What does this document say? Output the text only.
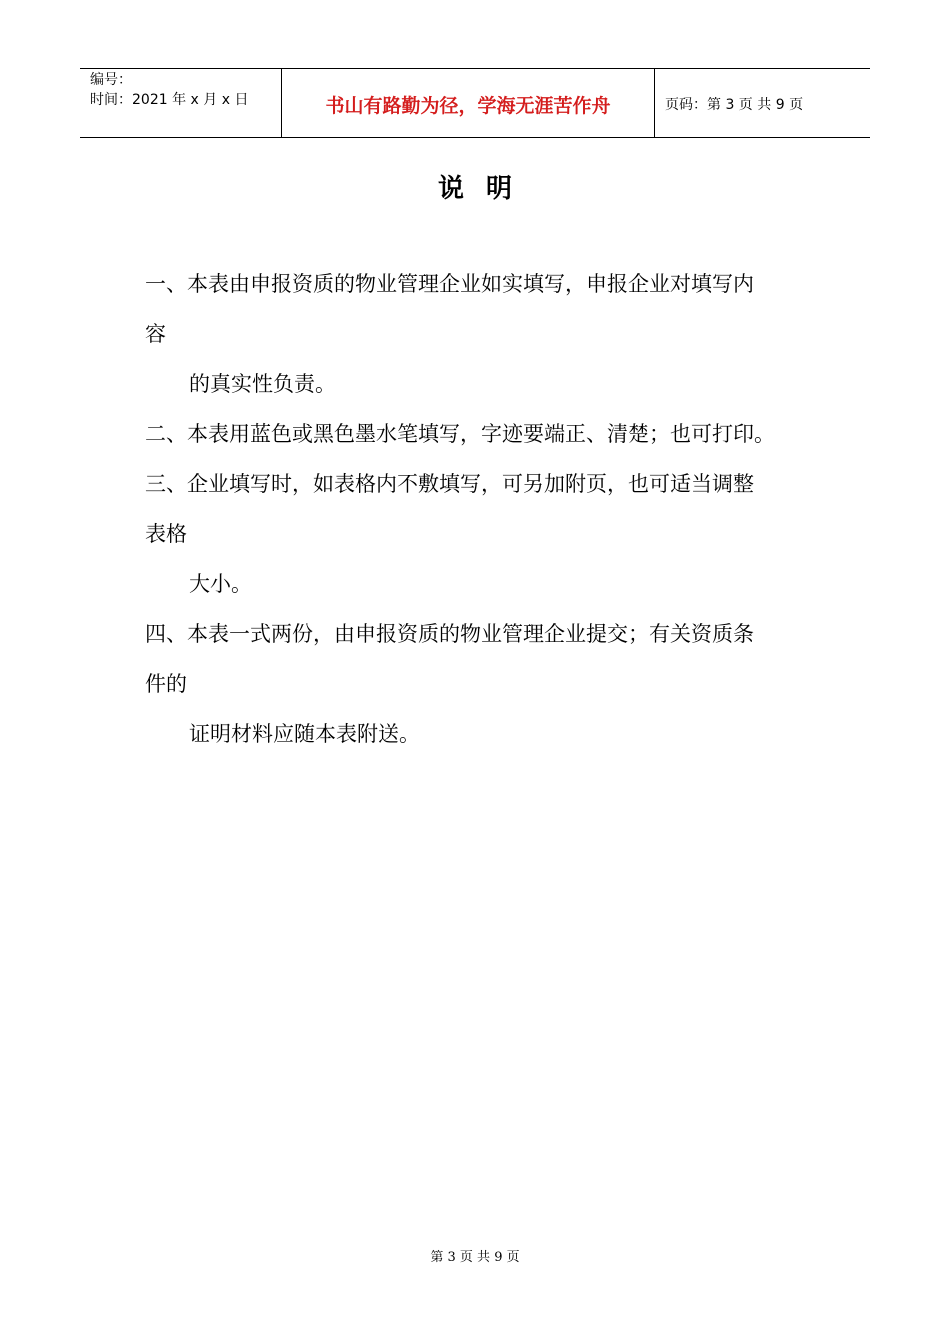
编号：
时间：2021 年 x 月 x 日	书山有路勤为径，学海无涯苦作舟	页码：第 3 页 共 9 页
说明
一、本表由申报资质的物业管理企业如实填写，申报企业对填写内
容
的真实性负责。
二、本表用蓝色或黑色墨水笔填写，字迹要端正、清楚；也可打印。
三、企业填写时，如表格内不敷填写，可另加附页，也可适当调整
表格
大小。
四、本表一式两份，由申报资质的物业管理企业提交；有关资质条
件的
证明材料应随本表附送。
第 3 页 共 9 页
